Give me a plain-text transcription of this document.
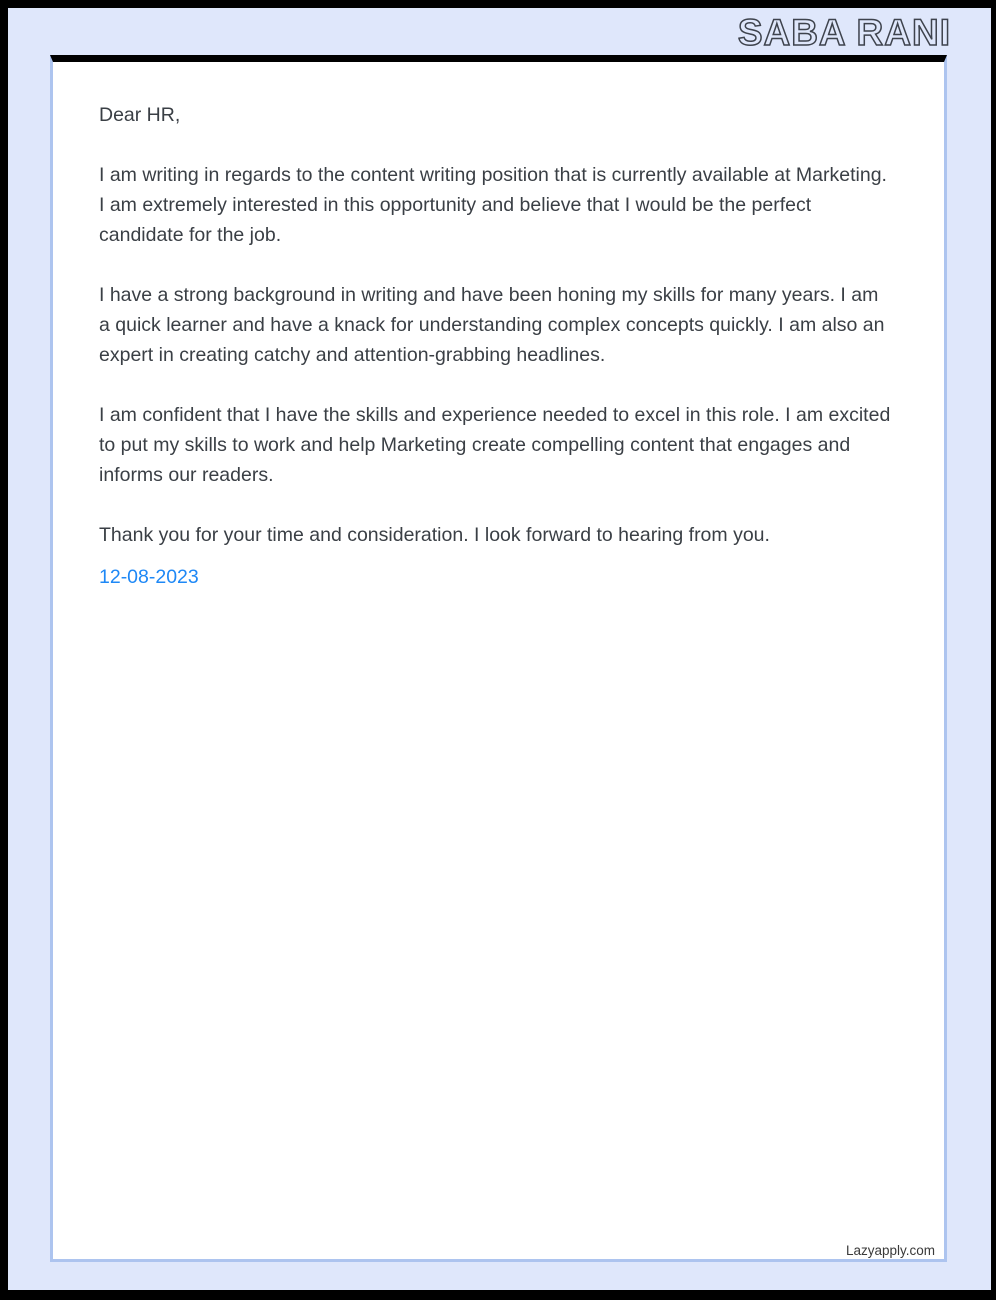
SABA RANI

Dear HR,

I am writing in regards to the content writing position that is currently available at Marketing. I am extremely interested in this opportunity and believe that I would be the perfect candidate for the job.

I have a strong background in writing and have been honing my skills for many years. I am a quick learner and have a knack for understanding complex concepts quickly. I am also an expert in creating catchy and attention-grabbing headlines.

I am confident that I have the skills and experience needed to excel in this role. I am excited to put my skills to work and help Marketing create compelling content that engages and informs our readers.

Thank you for your time and consideration. I look forward to hearing from you.

12-08-2023

Lazyapply.com
